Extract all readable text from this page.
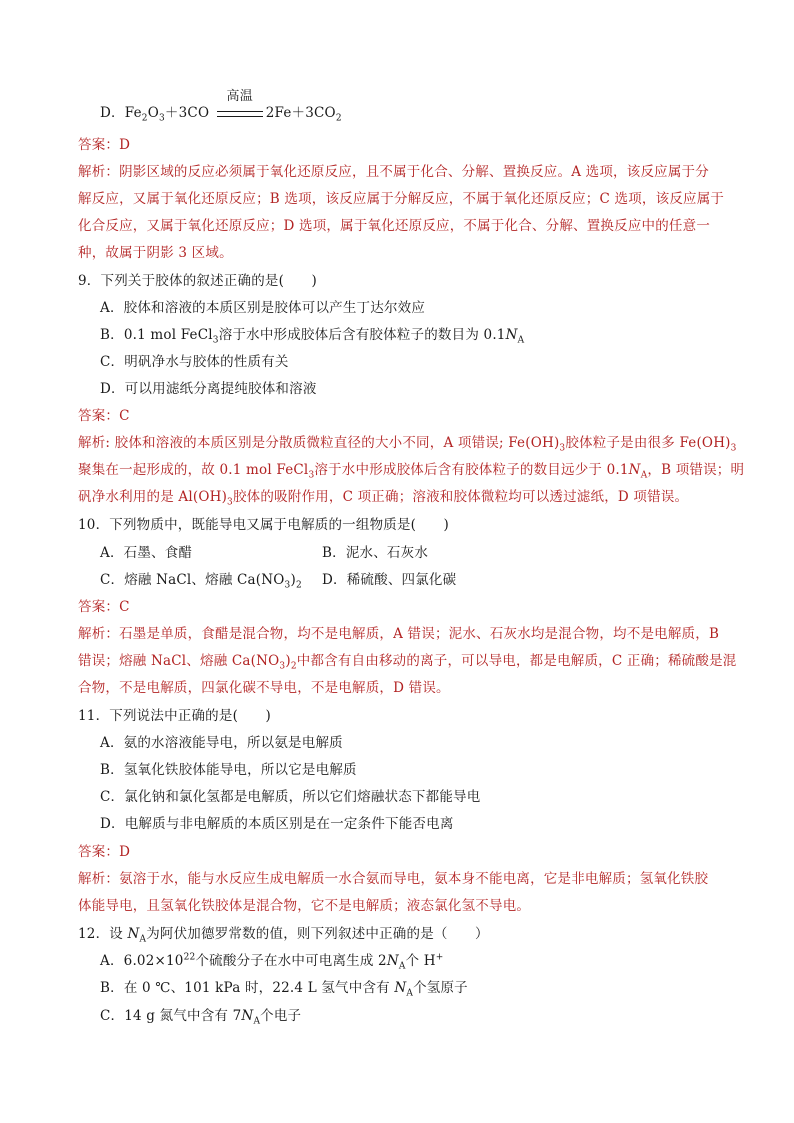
D．$Fe_2O_3+3CO$
高温
$2Fe+3CO_2$
答案：D
解析：阴影区域的反应必须属于氧化还原反应，且不属于化合、分解、置换反应。A 选项，该反应属于分
解反应，又属于氧化还原反应；B 选项，该反应属于分解反应，不属于氧化还原反应；C 选项，该反应属于
化合反应，又属于氧化还原反应；D 选项，属于氧化还原反应，不属于化合、分解、置换反应中的任意一
种，故属于阴影 3 区域。
9．下列关于胶体的叙述正确的是(　　)
A．胶体和溶液的本质区别是胶体可以产生丁达尔效应
B．0.1 mol FeCl$_3$溶于水中形成胶体后含有胶体粒子的数目为 $0.1N_A$
C．明矾净水与胶体的性质有关
D．可以用滤纸分离提纯胶体和溶液
答案：C
解析: 胶体和溶液的本质区别是分散质微粒直径的大小不同，A 项错误; $Fe(OH)_3$胶体粒子是由很多 $Fe(OH)_3$
聚集在一起形成的，故 0.1 mol FeCl$_3$溶于水中形成胶体后含有胶体粒子的数目远少于 $0.1N_A$，B 项错误；明
矾净水利用的是 $Al(OH)_3$胶体的吸附作用，C 项正确；溶液和胶体微粒均可以透过滤纸，D 项错误。
10．下列物质中，既能导电又属于电解质的一组物质是(　　)
A．石墨、食醋	B．泥水、石灰水
C．熔融 NaCl、熔融 $Ca(NO_3)_2$ D．稀硫酸、四氯化碳
答案：C
解析：石墨是单质，食醋是混合物，均不是电解质，A 错误；泥水、石灰水均是混合物，均不是电解质，B
错误；熔融 NaCl、熔融 $Ca(NO_3)_2$中都含有自由移动的离子，可以导电，都是电解质，C 正确；稀硫酸是混
合物，不是电解质，四氯化碳不导电，不是电解质，D 错误。
11．下列说法中正确的是(　　)
A．氨的水溶液能导电，所以氨是电解质
B．氢氧化铁胶体能导电，所以它是电解质
C．氯化钠和氯化氢都是电解质，所以它们熔融状态下都能导电
D．电解质与非电解质的本质区别是在一定条件下能否电离
答案：D
解析：氨溶于水，能与水反应生成电解质一水合氨而导电，氨本身不能电离，它是非电解质；氢氧化铁胶
体能导电，且氢氧化铁胶体是混合物，它不是电解质；液态氯化氢不导电。
12．设 $N_A$为阿伏加德罗常数的值，则下列叙述中正确的是（　　）
A．$6.02\times 10^{22}$个硫酸分子在水中可电离生成 $2N_A$个 H+
B．在 0 ℃、101 kPa 时，22.4 L 氢气中含有 $N_A$个氢原子
C．14 g 氮气中含有 $7N_A$个电子
